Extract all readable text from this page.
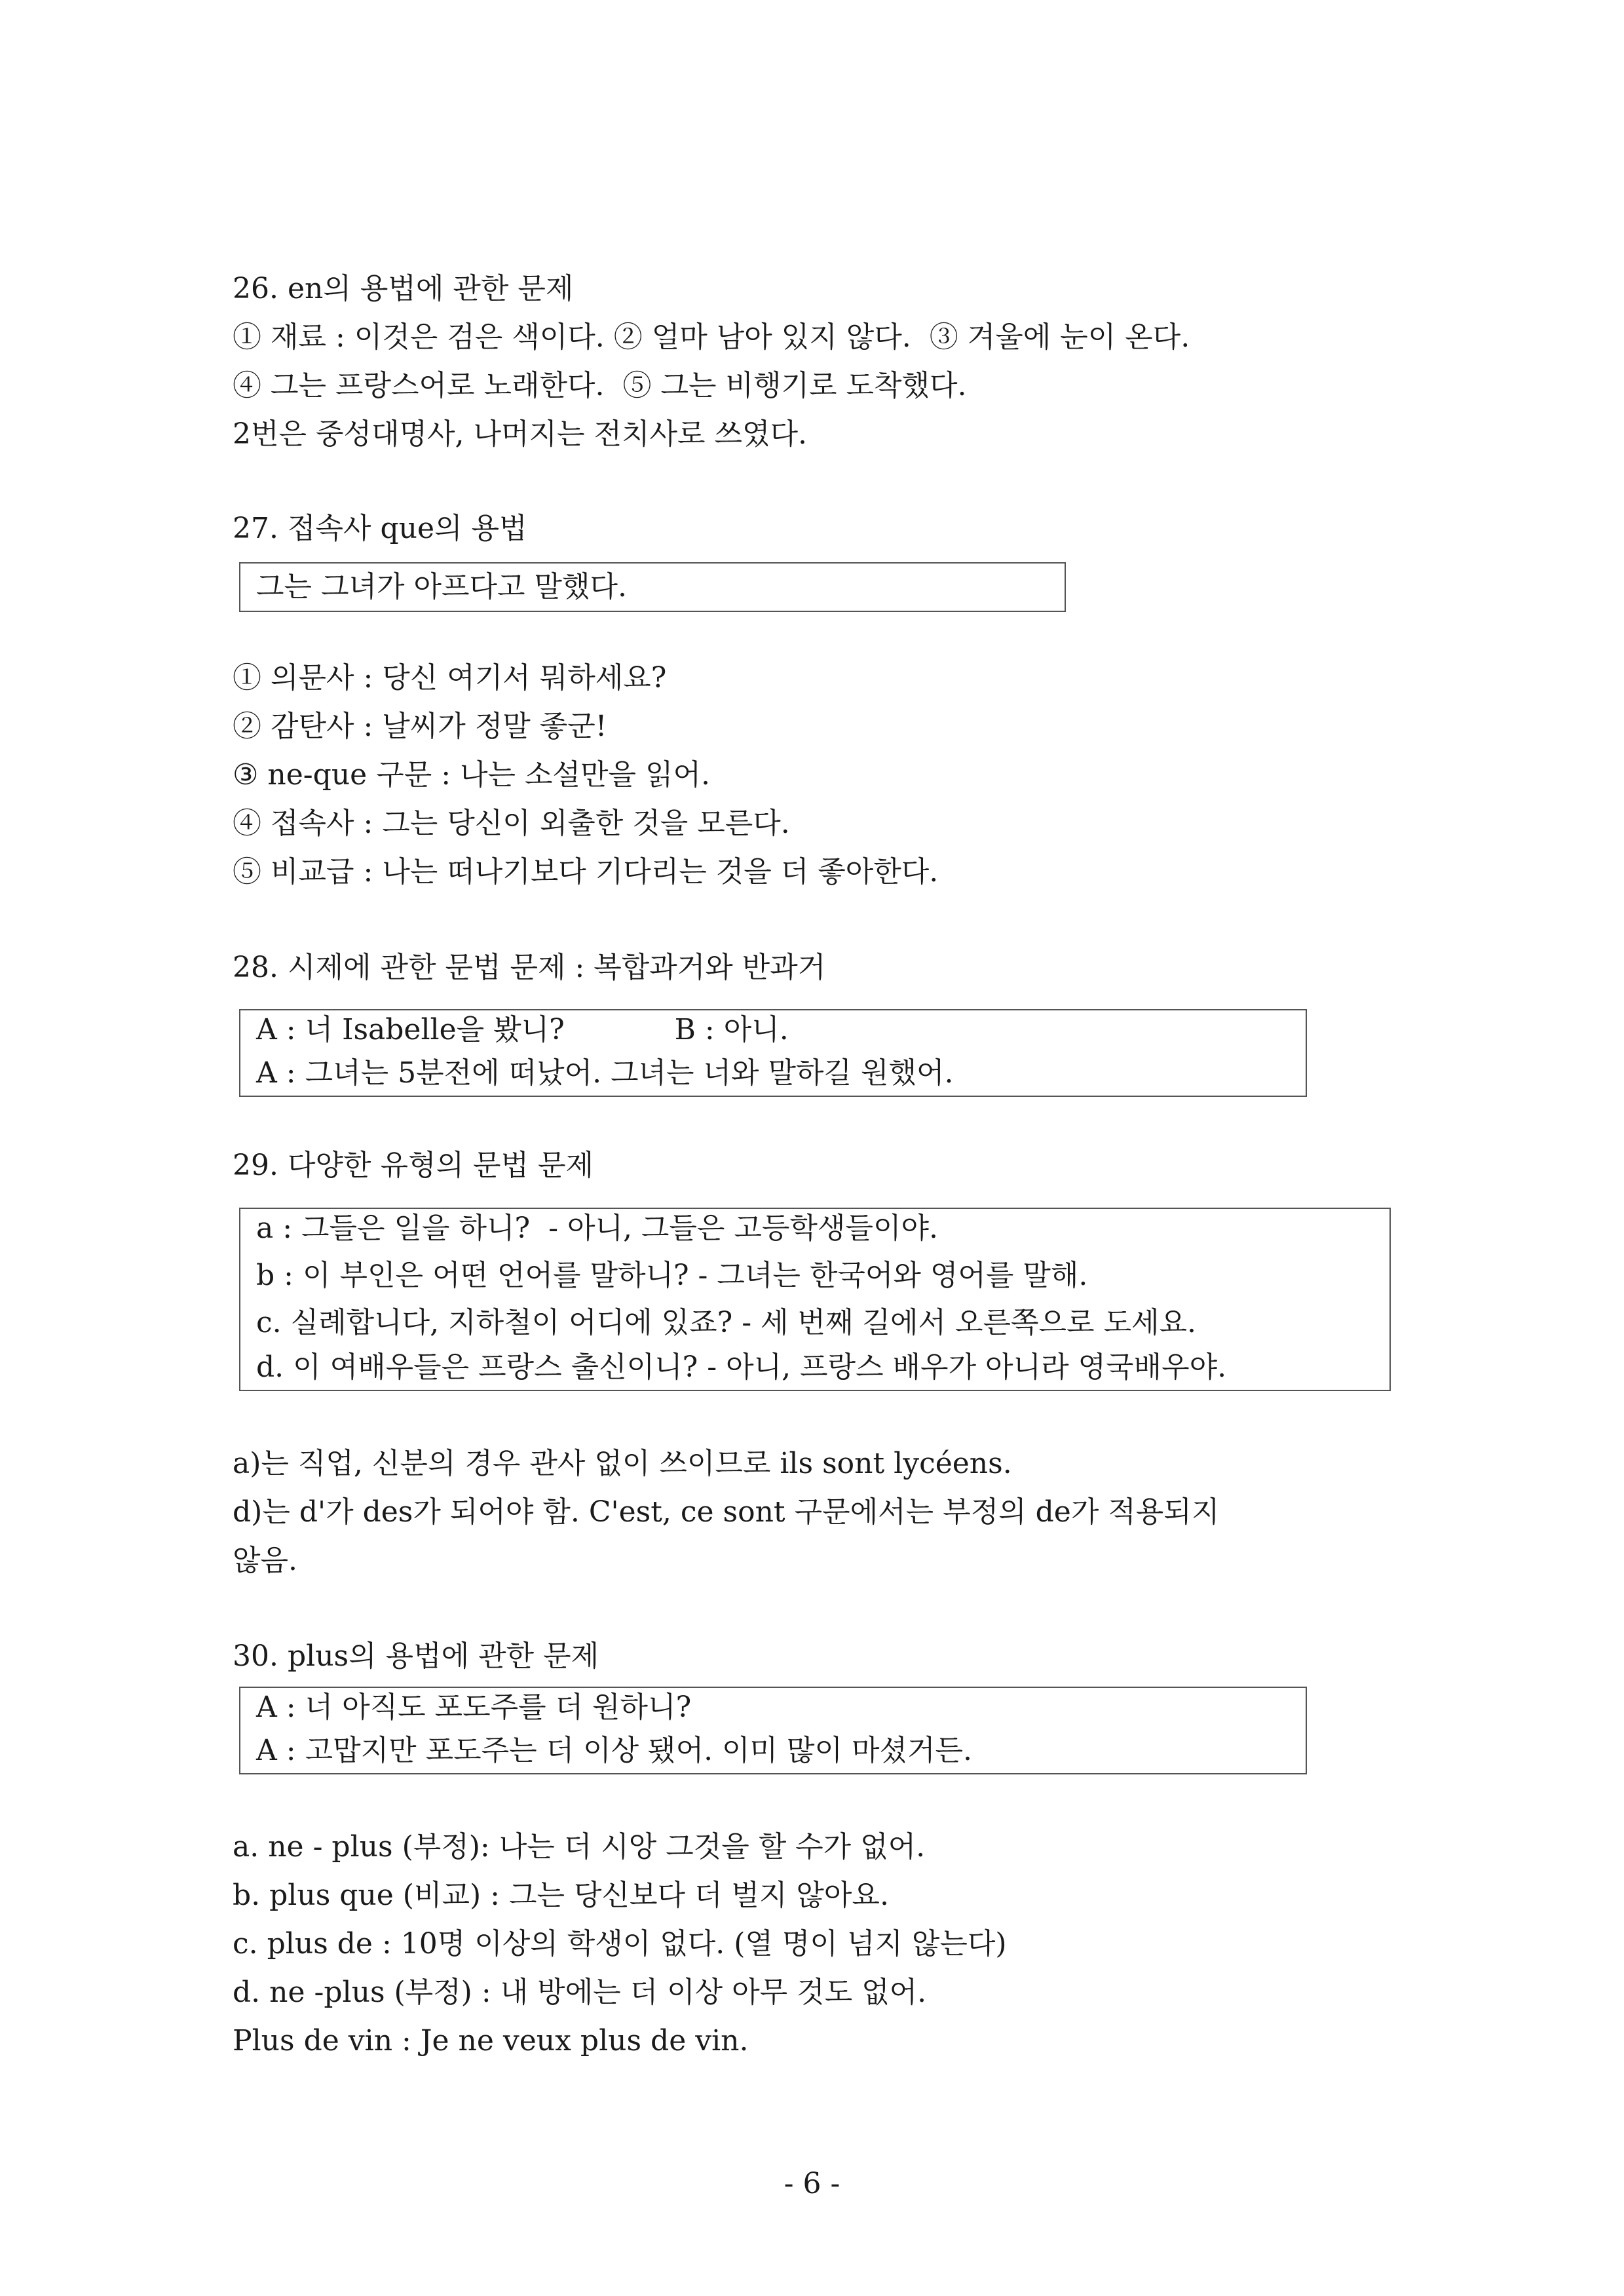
26. en의 용법에 관한 문제

① 재료 : 이것은 검은 색이다. ② 얼마 남아 있지 않다.  ③ 겨울에 눈이 온다.

④ 그는 프랑스어로 노래한다.  ⑤ 그는 비행기로 도착했다.

2번은 중성대명사, 나머지는 전치사로 쓰였다.

27. 접속사 que의 용법

그는 그녀가 아프다고 말했다.

① 의문사 : 당신 여기서 뭐하세요?

② 감탄사 : 날씨가 정말 좋군!

③ ne-que 구문 : 나는 소설만을 읽어.

④ 접속사 : 그는 당신이 외출한 것을 모른다.

⑤ 비교급 : 나는 떠나기보다 기다리는 것을 더 좋아한다.

28. 시제에 관한 문법 문제 : 복합과거와 반과거

A : 너 Isabelle을 봤니?            B : 아니.

A : 그녀는 5분전에 떠났어. 그녀는 너와 말하길 원했어.

29. 다양한 유형의 문법 문제

a : 그들은 일을 하니?  - 아니, 그들은 고등학생들이야.

b : 이 부인은 어떤 언어를 말하니? - 그녀는 한국어와 영어를 말해.

c. 실례합니다, 지하철이 어디에 있죠? - 세 번째 길에서 오른쪽으로 도세요.

d. 이 여배우들은 프랑스 출신이니? - 아니, 프랑스 배우가 아니라 영국배우야.

a)는 직업, 신분의 경우 관사 없이 쓰이므로 ils sont lycéens.

d)는 d'가 des가 되어야 함. C'est, ce sont 구문에서는 부정의 de가 적용되지

않음.

30. plus의 용법에 관한 문제

A : 너 아직도 포도주를 더 원하니?

A : 고맙지만 포도주는 더 이상 됐어. 이미 많이 마셨거든.

a. ne - plus (부정): 나는 더 시앙 그것을 할 수가 없어.

b. plus que (비교) : 그는 당신보다 더 벌지 않아요.

c. plus de : 10명 이상의 학생이 없다. (열 명이 넘지 않는다)

d. ne -plus (부정) : 내 방에는 더 이상 아무 것도 없어.

Plus de vin : Je ne veux plus de vin.

- 6 -
